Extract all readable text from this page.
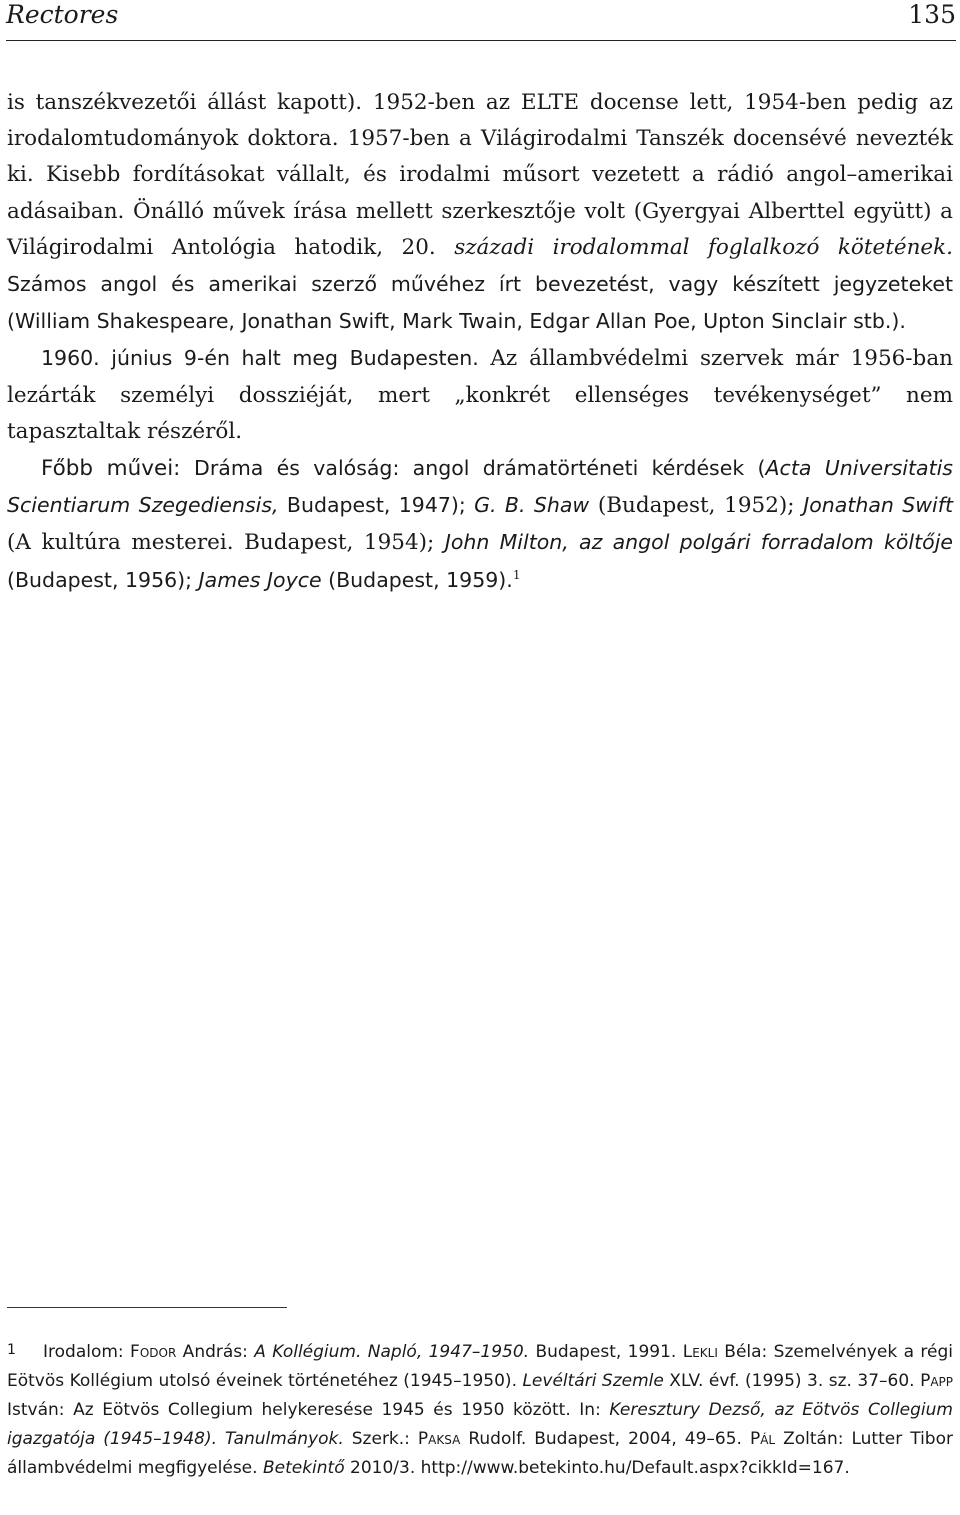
Rectores	135

is tanszékvezetői állást kapott). 1952-ben az ELTE docense lett, 1954-ben pedig az irodalomtudományok doktora. 1957-ben a Világirodalmi Tanszék docensévé nevezték ki. Kisebb fordításokat vállalt, és irodalmi műsort vezetett a rádió angol–amerikai adásaiban. Önálló művek írása mellett szerkesztője volt (Gyergyai Alberttel együtt) a Világirodalmi Antológia hatodik, 20. századi irodalommal foglalkozó kötetének. Számos angol és amerikai szerző művéhez írt bevezetést, vagy készített jegyzeteket (William Shakespeare, Jonathan Swift, Mark Twain, Edgar Allan Poe, Upton Sinclair stb.).

1960. június 9-én halt meg Budapesten. Az állambvédelmi szervek már 1956-ban lezárták személyi dossziéját, mert „konkrét ellenséges tevékenységet” nem tapasztaltak részéről.

Főbb művei: Dráma és valóság: angol drámatörténeti kérdések (Acta Universitatis Scientiarum Szegediensis, Budapest, 1947); G. B. Shaw (Budapest, 1952); Jonathan Swift (A kultúra mesterei. Budapest, 1954); John Milton, az angol polgári forradalom költője (Budapest, 1956); James Joyce (Budapest, 1959).$^1$

1 Irodalom: Fodor András: A Kollégium. Napló, 1947–1950. Budapest, 1991. Lekli Béla: Szemelvények a régi Eötvös Kollégium utolsó éveinek történetéhez (1945–1950). Levéltári Szemle XLV. évf. (1995) 3. sz. 37–60. Papp István: Az Eötvös Collegium helykeresése 1945 és 1950 között. In: Keresztury Dezső, az Eötvös Collegium igazgatója (1945–1948). Tanulmányok. Szerk.: Paksa Rudolf. Budapest, 2004, 49–65. Pál Zoltán: Lutter Tibor állambvédelmi megfigyelése. Betekintő 2010/3. http://www.betekinto.hu/Default.aspx?cikkId=167.
